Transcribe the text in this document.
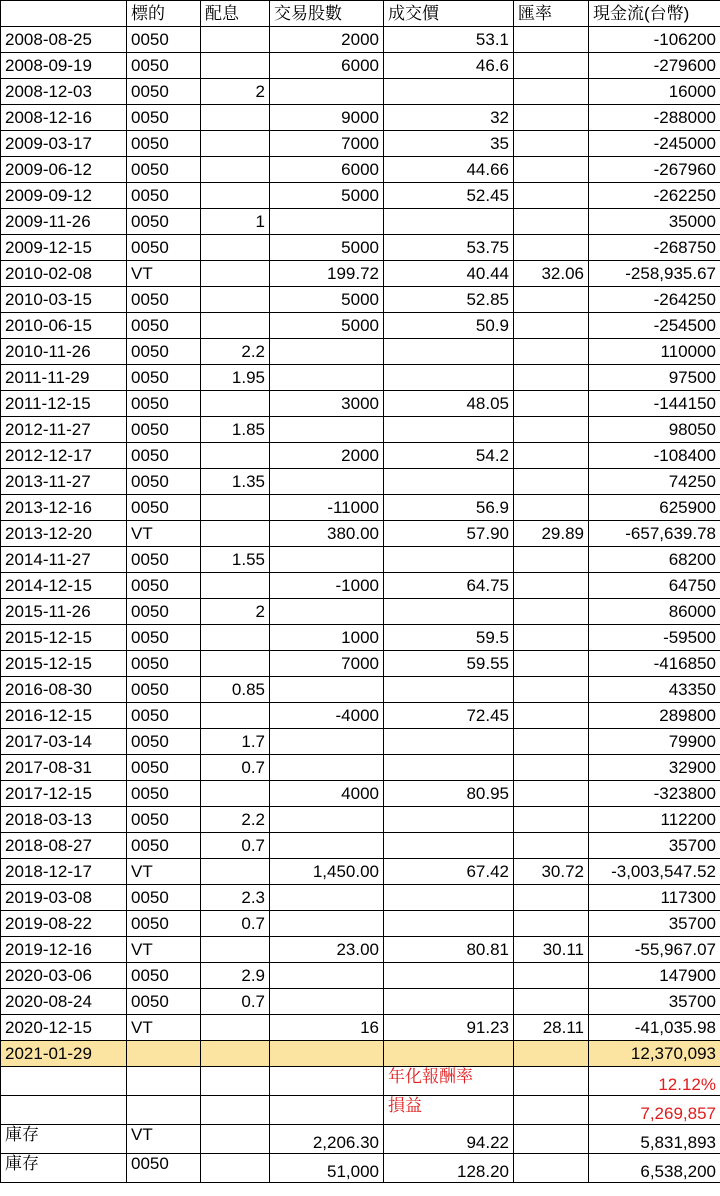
	標的	配息	交易股數	成交價	匯率	現金流(台幣)
2008-08-25	0050		2000	53.1		-106200
2008-09-19	0050		6000	46.6		-279600
2008-12-03	0050	2				16000
2008-12-16	0050		9000	32		-288000
2009-03-17	0050		7000	35		-245000
2009-06-12	0050		6000	44.66		-267960
2009-09-12	0050		5000	52.45		-262250
2009-11-26	0050	1				35000
2009-12-15	0050		5000	53.75		-268750
2010-02-08	VT		199.72	40.44	32.06	-258,935.67
2010-03-15	0050		5000	52.85		-264250
2010-06-15	0050		5000	50.9		-254500
2010-11-26	0050	2.2				110000
2011-11-29	0050	1.95				97500
2011-12-15	0050		3000	48.05		-144150
2012-11-27	0050	1.85				98050
2012-12-17	0050		2000	54.2		-108400
2013-11-27	0050	1.35				74250
2013-12-16	0050		-11000	56.9		625900
2013-12-20	VT		380.00	57.90	29.89	-657,639.78
2014-11-27	0050	1.55				68200
2014-12-15	0050		-1000	64.75		64750
2015-11-26	0050	2				86000
2015-12-15	0050		1000	59.5		-59500
2015-12-15	0050		7000	59.55		-416850
2016-08-30	0050	0.85				43350
2016-12-15	0050		-4000	72.45		289800
2017-03-14	0050	1.7				79900
2017-08-31	0050	0.7				32900
2017-12-15	0050		4000	80.95		-323800
2018-03-13	0050	2.2				112200
2018-08-27	0050	0.7				35700
2018-12-17	VT		1,450.00	67.42	30.72	-3,003,547.52
2019-03-08	0050	2.3				117300
2019-08-22	0050	0.7				35700
2019-12-16	VT		23.00	80.81	30.11	-55,967.07
2020-03-06	0050	2.9				147900
2020-08-24	0050	0.7				35700
2020-12-15	VT		16	91.23	28.11	-41,035.98
2021-01-29						12,370,093
				年化報酬率		12.12%
				損益		7,269,857
庫存	VT		2,206.30	94.22		5,831,893
庫存	0050		51,000	128.20		6,538,200
